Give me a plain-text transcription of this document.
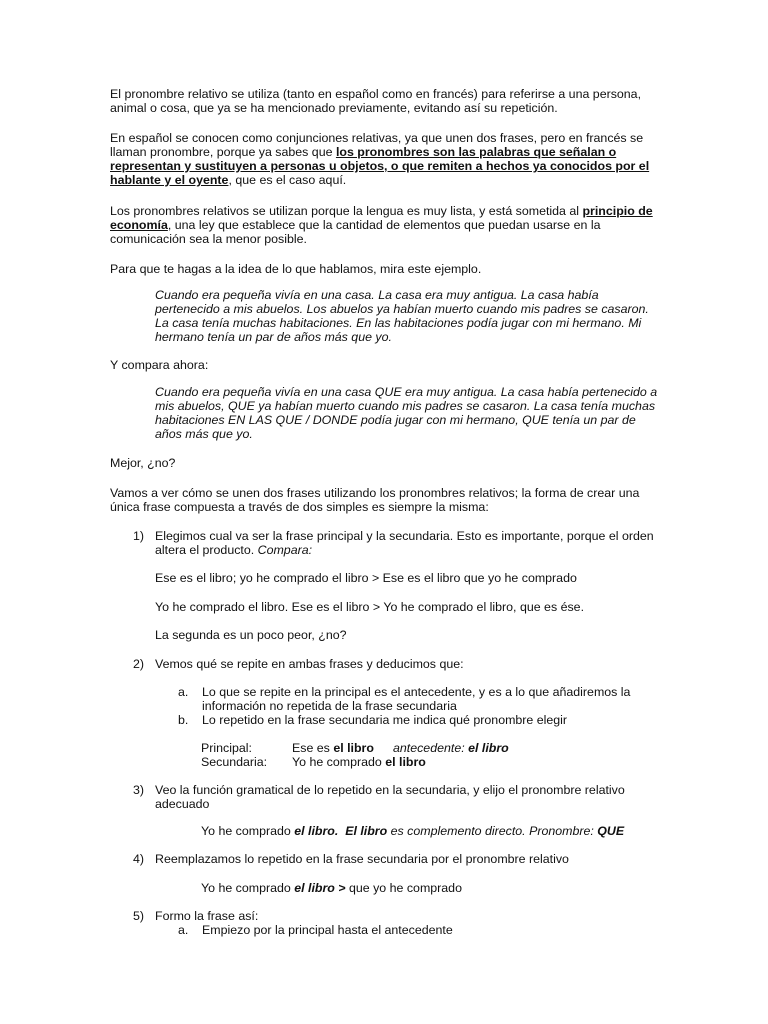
El pronombre relativo se utiliza (tanto en español como en francés) para referirse a una persona, animal o cosa, que ya se ha mencionado previamente, evitando así su repetición.

En español se conocen como conjunciones relativas, ya que unen dos frases, pero en francés se llaman pronombre, porque ya sabes que los pronombres son las palabras que señalan o representan y sustituyen a personas u objetos, o que remiten a hechos ya conocidos por el hablante y el oyente, que es el caso aquí.

Los pronombres relativos se utilizan porque la lengua es muy lista, y está sometida al principio de economía, una ley que establece que la cantidad de elementos que puedan usarse en la comunicación sea la menor posible.

Para que te hagas a la idea de lo que hablamos, mira este ejemplo.

Cuando era pequeña vivía en una casa. La casa era muy antigua. La casa había pertenecido a mis abuelos. Los abuelos ya habían muerto cuando mis padres se casaron. La casa tenía muchas habitaciones. En las habitaciones podía jugar con mi hermano. Mi hermano tenía un par de años más que yo.

Y compara ahora:

Cuando era pequeña vivía en una casa QUE era muy antigua. La casa había pertenecido a mis abuelos, QUE ya habían muerto cuando mis padres se casaron. La casa tenía muchas habitaciones EN LAS QUE / DONDE podía jugar con mi hermano, QUE tenía un par de años más que yo.

Mejor, ¿no?

Vamos a ver cómo se unen dos frases utilizando los pronombres relativos; la forma de crear una única frase compuesta a través de dos simples es siempre la misma:

1) Elegimos cual va ser la frase principal y la secundaria. Esto es importante, porque el orden altera el producto. Compara:

Ese es el libro; yo he comprado el libro > Ese es el libro que yo he comprado

Yo he comprado el libro. Ese es el libro > Yo he comprado el libro, que es ése.

La segunda es un poco peor, ¿no?

2) Vemos qué se repite en ambas frases y deducimos que:

a. Lo que se repite en la principal es el antecedente, y es a lo que añadiremos la información no repetida de la frase secundaria

b. Lo repetido en la frase secundaria me indica qué pronombre elegir

Principal:	Ese es el libro antecedente: el libro
Secundaria: Yo he comprado el libro
3) Veo la función gramatical de lo repetido en la secundaria, y elijo el pronombre relativo adecuado

Yo he comprado el libro. El libro es complemento directo. Pronombre: QUE

4) Reemplazamos lo repetido en la frase secundaria por el pronombre relativo

Yo he comprado el libro > que yo he comprado

5) Formo la frase así:

a. Empiezo por la principal hasta el antecedente
